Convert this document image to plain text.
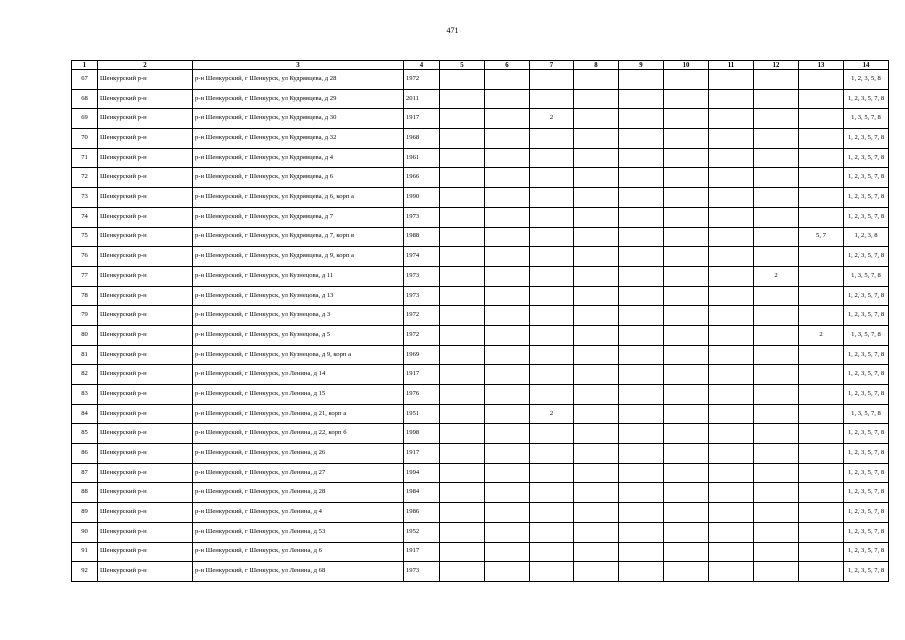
471
1	2	3	4	5	6	7	8	9	10	11	12	13	14
67	Шенкурский р-н	р-н Шенкурский, г Шенкурск, ул Кудрявцева, д 28	1972										1, 2, 3, 5, 8
68	Шенкурский р-н	р-н Шенкурский, г Шенкурск, ул Кудрявцева, д 29	2011										1, 2, 3, 5, 7, 8
69	Шенкурский р-н	р-н Шенкурский, г Шенкурск, ул Кудрявцева, д 30	1917			2							1, 3, 5, 7, 8
70	Шенкурский р-н	р-н Шенкурский, г Шенкурск, ул Кудрявцева, д 32	1968										1, 2, 3, 5, 7, 8
71	Шенкурский р-н	р-н Шенкурский, г Шенкурск, ул Кудрявцева, д 4	1961										1, 2, 3, 5, 7, 8
72	Шенкурский р-н	р-н Шенкурский, г Шенкурск, ул Кудрявцева, д 6	1966										1, 2, 3, 5, 7, 8
73	Шенкурский р-н	р-н Шенкурский, г Шенкурск, ул Кудрявцева, д 6, корп а	1990										1, 2, 3, 5, 7, 8
74	Шенкурский р-н	р-н Шенкурский, г Шенкурск, ул Кудрявцева, д 7	1973										1, 2, 3, 5, 7, 8
75	Шенкурский р-н	р-н Шенкурский, г Шенкурск, ул Кудрявцева, д 7, корп в	1988									5, 7	1, 2, 3, 8
76	Шенкурский р-н	р-н Шенкурский, г Шенкурск, ул Кудрявцева, д 9, корп а	1974										1, 2, 3, 5, 7, 8
77	Шенкурский р-н	р-н Шенкурский, г Шенкурск, ул Кузнецова, д 11	1973								2		1, 3, 5, 7, 8
78	Шенкурский р-н	р-н Шенкурский, г Шенкурск, ул Кузнецова, д 13	1973										1, 2, 3, 5, 7, 8
79	Шенкурский р-н	р-н Шенкурский, г Шенкурск, ул Кузнецова, д 3	1972										1, 2, 3, 5, 7, 8
80	Шенкурский р-н	р-н Шенкурский, г Шенкурск, ул Кузнецова, д 5	1972									2	1, 3, 5, 7, 8
81	Шенкурский р-н	р-н Шенкурский, г Шенкурск, ул Кузнецова, д 9, корп а	1969										1, 2, 3, 5, 7, 8
82	Шенкурский р-н	р-н Шенкурский, г Шенкурск, ул Ленина, д 14	1917										1, 2, 3, 5, 7, 8
83	Шенкурский р-н	р-н Шенкурский, г Шенкурск, ул Ленина, д 15	1976										1, 2, 3, 5, 7, 8
84	Шенкурский р-н	р-н Шенкурский, г Шенкурск, ул Ленина, д 21, корп а	1951			2							1, 3, 5, 7, 8
85	Шенкурский р-н	р-н Шенкурский, г Шенкурск, ул Ленина, д 22, корп б	1998										1, 2, 3, 5, 7, 8
86	Шенкурский р-н	р-н Шенкурский, г Шенкурск, ул Ленина, д 26	1917										1, 2, 3, 5, 7, 8
87	Шенкурский р-н	р-н Шенкурский, г Шенкурск, ул Ленина, д 27	1994										1, 2, 3, 5, 7, 8
88	Шенкурский р-н	р-н Шенкурский, г Шенкурск, ул Ленина, д 28	1984										1, 2, 3, 5, 7, 8
89	Шенкурский р-н	р-н Шенкурский, г Шенкурск, ул Ленина, д 4	1986										1, 2, 3, 5, 7, 8
90	Шенкурский р-н	р-н Шенкурский, г Шенкурск, ул Ленина, д 53	1952										1, 2, 3, 5, 7, 8
91	Шенкурский р-н	р-н Шенкурский, г Шенкурск, ул Ленина, д 6	1917										1, 2, 3, 5, 7, 8
92	Шенкурский р-н	р-н Шенкурский, г Шенкурск, ул Ленина, д 68	1973										1, 2, 3, 5, 7, 8
